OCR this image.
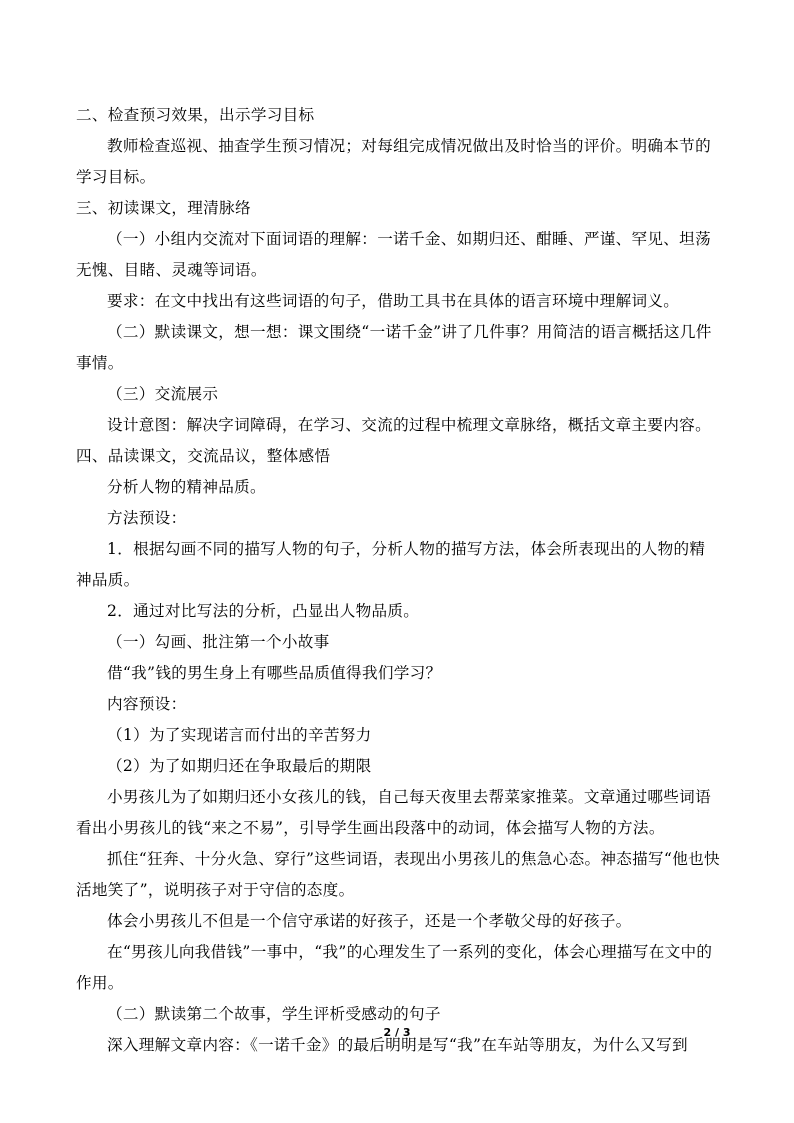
二、检查预习效果，出示学习目标

教师检查巡视、抽查学生预习情况；对每组完成情况做出及时恰当的评价。明确本节的学习目标。

三、初读课文，理清脉络

（一）小组内交流对下面词语的理解：一诺千金、如期归还、酣睡、严谨、罕见、坦荡无愧、目睹、灵魂等词语。

要求：在文中找出有这些词语的句子，借助工具书在具体的语言环境中理解词义。

（二）默读课文，想一想：课文围绕“一诺千金”讲了几件事？用简洁的语言概括这几件事情。

（三）交流展示

设计意图：解决字词障碍，在学习、交流的过程中梳理文章脉络，概括文章主要内容。

四、品读课文，交流品议，整体感悟

分析人物的精神品质。

方法预设：

1．根据勾画不同的描写人物的句子，分析人物的描写方法，体会所表现出的人物的精神品质。

2．通过对比写法的分析，凸显出人物品质。

（一）勾画、批注第一个小故事

借“我”钱的男生身上有哪些品质值得我们学习？

内容预设：

（1）为了实现诺言而付出的辛苦努力

（2）为了如期归还在争取最后的期限

小男孩儿为了如期归还小女孩儿的钱，自己每天夜里去帮菜家推菜。文章通过哪些词语看出小男孩儿的钱“来之不易”，引导学生画出段落中的动词，体会描写人物的方法。

抓住“狂奔、十分火急、穿行”这些词语，表现出小男孩儿的焦急心态。神态描写“他也快活地笑了”，说明孩子对于守信的态度。

体会小男孩儿不但是一个信守承诺的好孩子，还是一个孝敬父母的好孩子。

在“男孩儿向我借钱”一事中，“我”的心理发生了一系列的变化，体会心理描写在文中的作用。

（二）默读第二个故事，学生评析受感动的句子

深入理解文章内容：《一诺千金》的最后明明是写“我”在车站等朋友，为什么又写到

2 / 3
